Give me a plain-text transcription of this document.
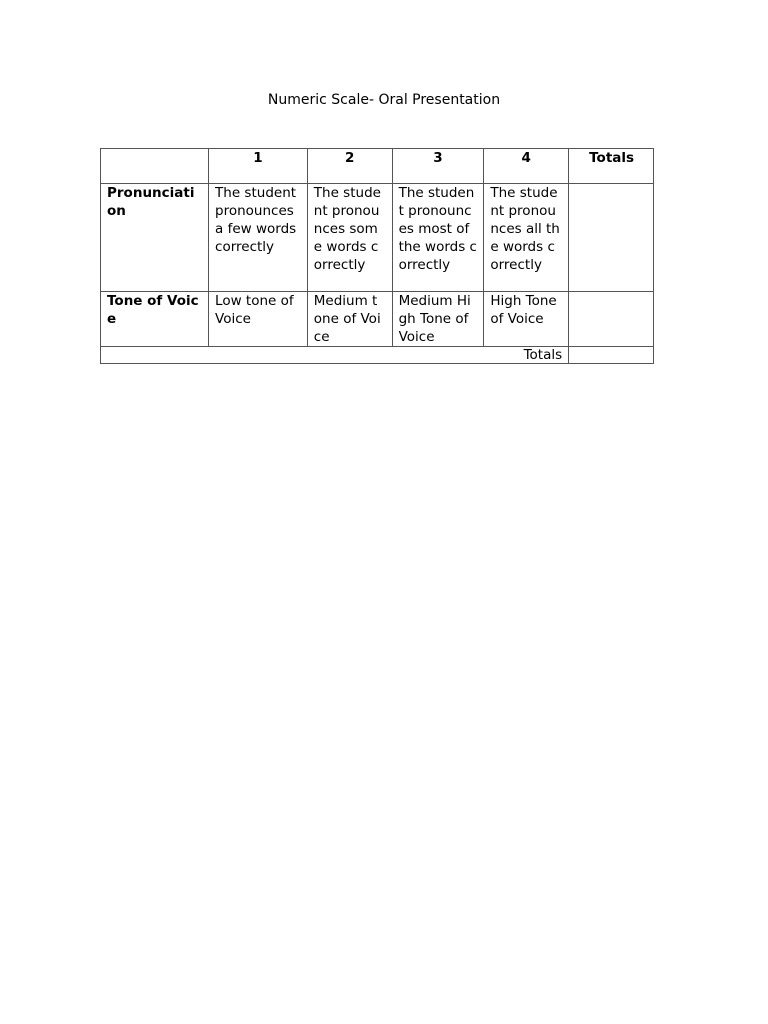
Numeric Scale- Oral Presentation
	1	2	3	4	Totals
Pronunciation	The student pronounces a few words correctly	The student pronounces some words correctly	The student pronounces most of the words correctly	The student pronounces all the words correctly	
Tone of Voice	Low tone of Voice	Medium tone of Voice	Medium High Tone of Voice	High Tone of Voice	
Totals					
